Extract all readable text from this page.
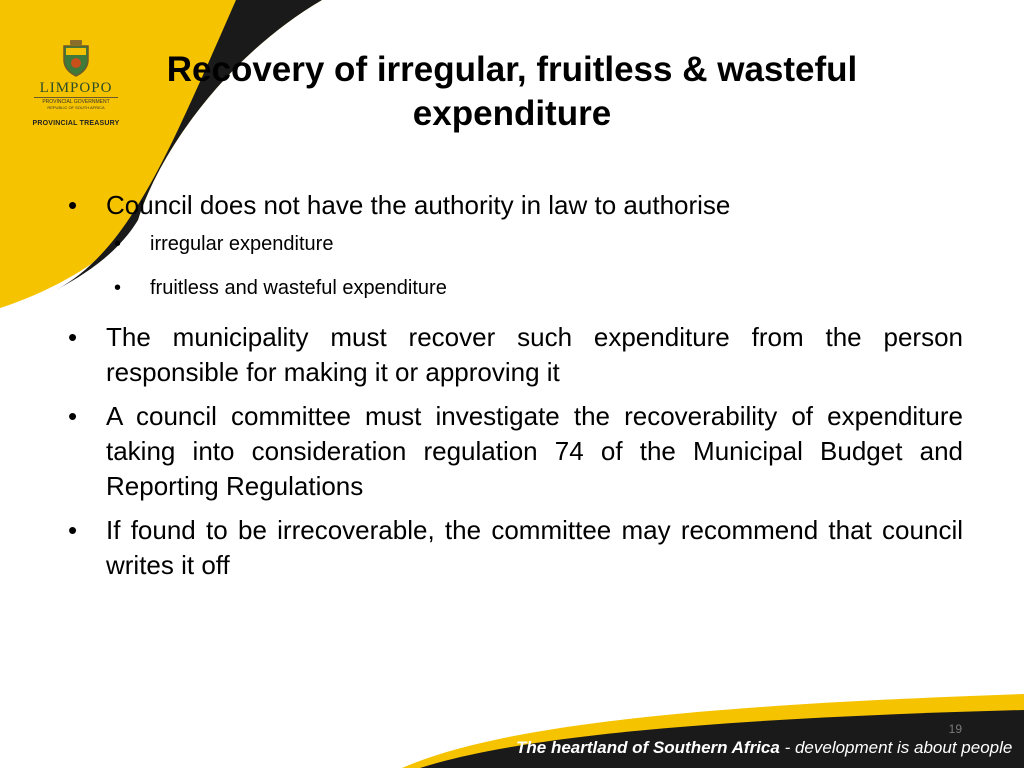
LIMPOPO
PROVINCIAL GOVERNMENT
REPUBLIC OF SOUTH AFRICA
PROVINCIAL TREASURY
Recovery of irregular, fruitless & wasteful expenditure
• Council does not have the authority in law to authorise
• irregular expenditure
• fruitless and wasteful expenditure
• The municipality must recover such expenditure from the person responsible for making it or approving it
• A council committee must investigate the recoverability of expenditure taking into consideration regulation 74 of the Municipal Budget and Reporting Regulations
• If found to be irrecoverable, the committee may recommend that council writes it off
19
The heartland of Southern Africa - development is about people
